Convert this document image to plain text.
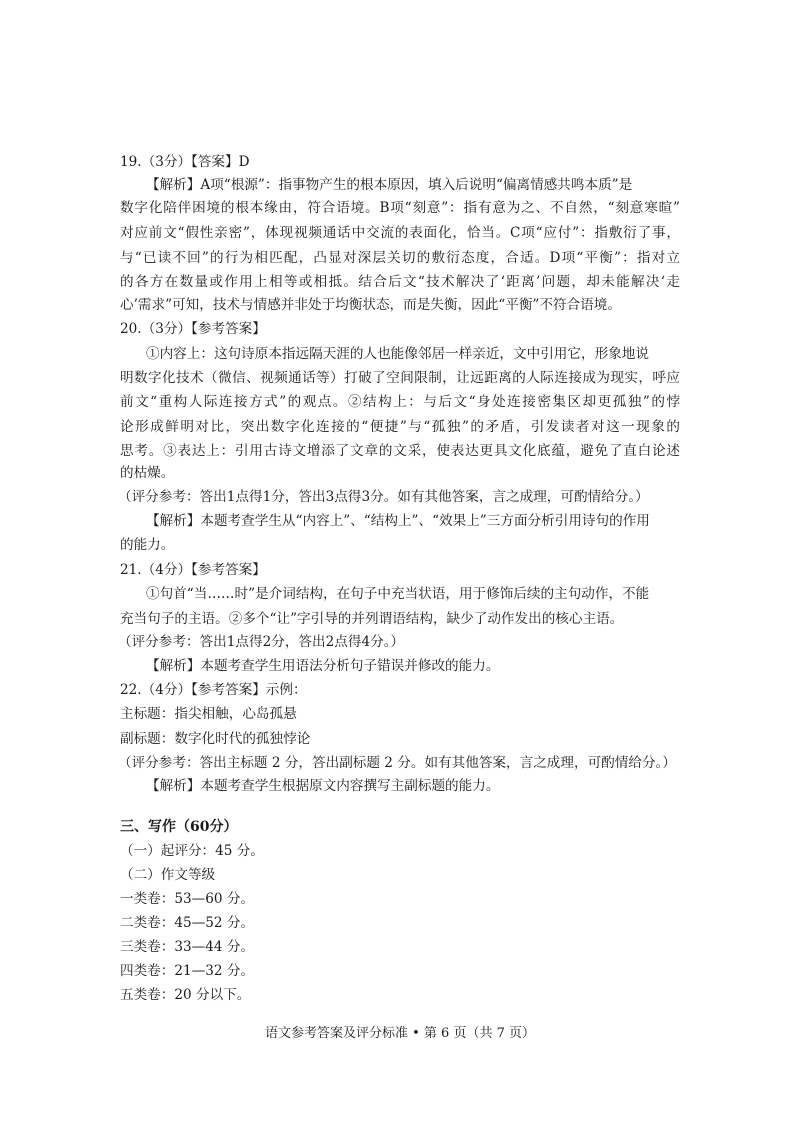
19.（3分）【答案】D
【解析】A项“根源”：指事物产生的根本原因，填入后说明“偏离情感共鸣本质”是
数字化陪伴困境的根本缘由，符合语境。B项“刻意”：指有意为之、不自然，“刻意寒暄”
对应前文“假性亲密”，体现视频通话中交流的表面化，恰当。C项“应付”：指敷衍了事，
与“已读不回”的行为相匹配，凸显对深层关切的敷衍态度，合适。D项“平衡”：指对立
的各方在数量或作用上相等或相抵。结合后文“技术解决了‘距离’问题，却未能解决‘走
心’需求”可知，技术与情感并非处于均衡状态，而是失衡，因此“平衡”不符合语境。
20.（3分）【参考答案】
①内容上：这句诗原本指远隔天涯的人也能像邻居一样亲近，文中引用它，形象地说
明数字化技术（微信、视频通话等）打破了空间限制，让远距离的人际连接成为现实，呼应
前文“重构人际连接方式”的观点。②结构上：与后文“身处连接密集区却更孤独”的悖
论形成鲜明对比，突出数字化连接的“便捷”与“孤独”的矛盾，引发读者对这一现象的
思考。③表达上：引用古诗文增添了文章的文采，使表达更具文化底蕴，避免了直白论述
的枯燥。
（评分参考：答出1点得1分，答出3点得3分。如有其他答案，言之成理，可酌情给分。）
【解析】本题考查学生从“内容上”、“结构上”、“效果上”三方面分析引用诗句的作用
的能力。
21.（4分）【参考答案】
①句首“当……时”是介词结构，在句子中充当状语，用于修饰后续的主句动作，不能
充当句子的主语。②多个“让”字引导的并列谓语结构，缺少了动作发出的核心主语。
（评分参考：答出1点得2分，答出2点得4分。）
【解析】本题考查学生用语法分析句子错误并修改的能力。
22.（4分）【参考答案】示例：
主标题：指尖相触，心岛孤悬
副标题：数字化时代的孤独悖论
（评分参考：答出主标题 2 分，答出副标题 2 分。如有其他答案，言之成理，可酌情给分。）
【解析】本题考查学生根据原文内容撰写主副标题的能力。
三、写作（60分）
（一）起评分：45 分。
（二）作文等级
一类卷：53—60 分。
二类卷：45—52 分。
三类卷：33—44 分。
四类卷：21—32 分。
五类卷：20 分以下。
语文参考答案及评分标准 • 第 6 页（共 7 页）
